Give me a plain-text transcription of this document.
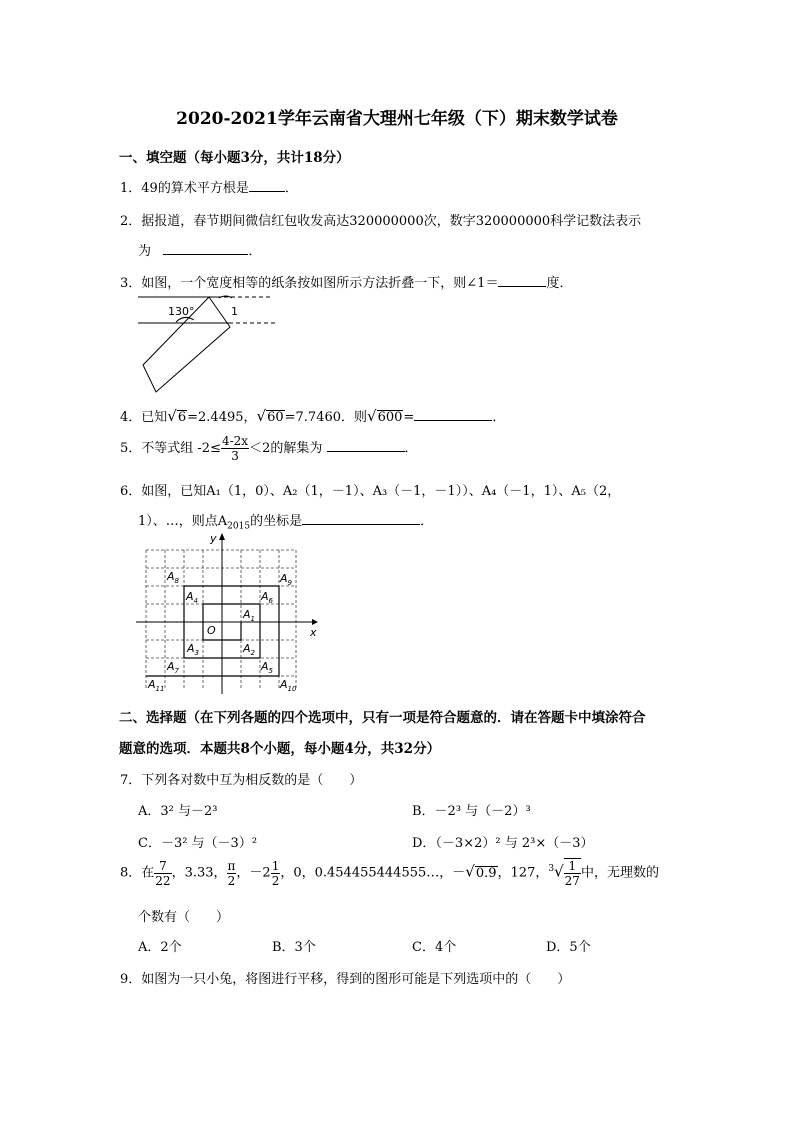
2020-2021学年云南省大理州七年级（下）期末数学试卷
一、填空题（每小题3分，共计18分）
1．49的算术平方根是	．
2．据报道，春节期间微信红包收发高达320000000次，数字320000000科学记数法表示
为	．
3．如图，一个宽度相等的纸条按如图所示方法折叠一下，则∠1＝	度．
130°	1
4．已知√6=2.4495，√60=7.7460．则√600=	．
5．不等式组 $-2\le \frac{4-2x}{3} <2$的解集为	．
6．如图，已知A₁（1，0）、A₂（1，－1）、A₃（－1，－1））、A₄（－1，1）、A₅（2，
1）、…，则点$A_{2015}$的坐标是	．
x
y
O
$A_1$
$A_2$
$A_3$
$A_4$
$A_5$
$A_6$
$A_7$
$A_8$	$A_9$
$A_{10}$
$A_{11}$
二、选择题（在下列各题的四个选项中，只有一项是符合题意的．请在答题卡中填涂符合
题意的选项．本题共8个小题，每小题4分，共32分）
7．下列各对数中互为相反数的是（　　）
A．3² 与－2³	B．－2³ 与（－2）³
C．－3² 与（－3）²	D．（－3×2）² 与 2³×（－3）
8．在 $\frac{7}{22}$ ，3.33， $\frac{\pi}{2}$ ，$-2 \frac{1}{2}$ ，0，0.454455444555…，－√0.9，127，$^3√ \frac{1}{27}$ 中，无理数的
个数有（　　）
A．2个	B．3个	C．4个	D．5个
9．如图为一只小兔，将图进行平移，得到的图形可能是下列选项中的（　　）
